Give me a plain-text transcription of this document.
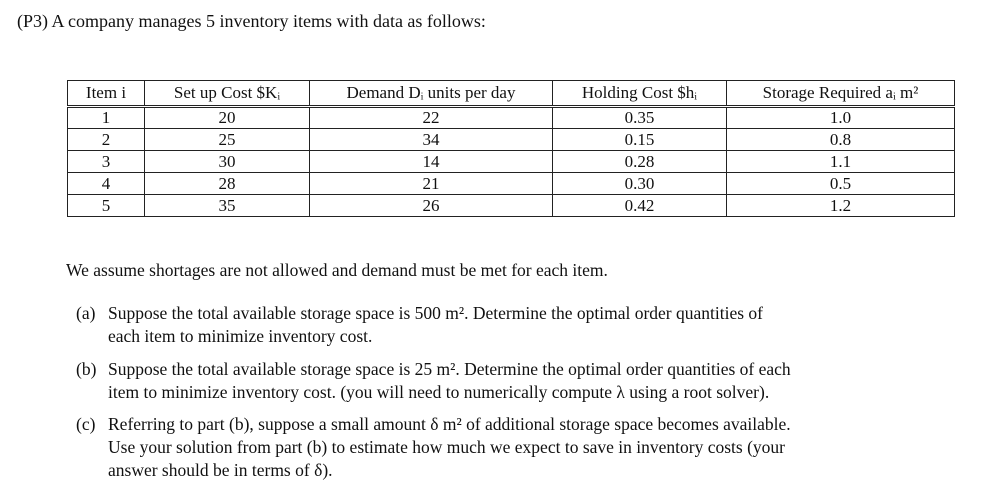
(P3) A company manages 5 inventory items with data as follows:
Item i	Set up Cost $Kᵢ	Demand Dᵢ units per day	Holding Cost $hᵢ	Storage Required aᵢ m²
1	20	22	0.35	1.0
2	25	34	0.15	0.8
3	30	14	0.28	1.1
4	28	21	0.30	0.5
5	35	26	0.42	1.2
We assume shortages are not allowed and demand must be met for each item.
(a) Suppose the total available storage space is 500 m². Determine the optimal order quantities of
each item to minimize inventory cost.
(b) Suppose the total available storage space is 25 m². Determine the optimal order quantities of each
item to minimize inventory cost. (you will need to numerically compute λ using a root solver).
(c) Referring to part (b), suppose a small amount δ m² of additional storage space becomes available.
Use your solution from part (b) to estimate how much we expect to save in inventory costs (your
answer should be in terms of δ).
